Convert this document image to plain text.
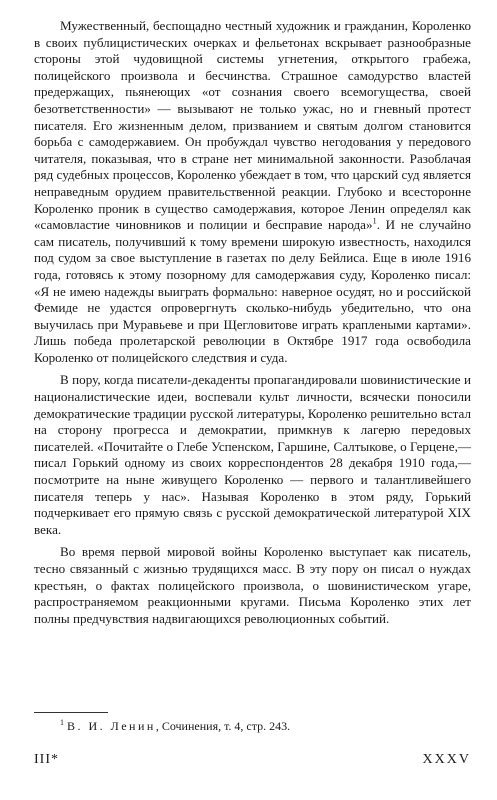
Мужественный, беспощадно честный художник и гражданин, Короленко в своих публицистических очерках и фельетонах вскрывает разнообразные стороны этой чудовищной системы угнетения, открытого грабежа, полицейского произвола и бесчинства. Страшное самодурство властей предержащих, пьянеющих «от сознания своего всемогущества, своей безответственности» — вызывают не только ужас, но и гневный протест писателя. Его жизненным делом, призванием и святым долгом становится борьба с самодержавием. Он пробуждал чувство негодования у передового читателя, показывая, что в стране нет минимальной законности. Разоблачая ряд судебных процессов, Короленко убеждает в том, что царский суд является неправедным орудием правительственной реакции. Глубоко и всесторонне Короленко проник в существо самодержавия, которое Ленин определял как «самовластие чиновников и полиции и бесправие народа»$^1$. И не случайно сам писатель, получивший к тому времени широкую известность, находился под судом за свое выступление в газетах по делу Бейлиса. Еще в июле 1916 года, готовясь к этому позорному для самодержавия суду, Короленко писал: «Я не имею надежды выиграть формально: наверное осудят, но и российской Фемиде не удастся опровергнуть сколько-нибудь убедительно, что она выучилась при Муравьеве и при Щегловитове играть краплеными картами». Лишь победа пролетарской революции в Октябре 1917 года освободила Короленко от полицейского следствия и суда.

В пору, когда писатели-декаденты пропагандировали шовинистические и националистические идеи, воспевали культ личности, всячески поносили демократические традиции русской литературы, Короленко решительно встал на сторону прогресса и демократии, примкнув к лагерю передовых писателей. «Почитайте о Глебе Успенском, Гаршине, Салтыкове, о Герцене,— писал Горький одному из своих корреспондентов 28 декабря 1910 года,— посмотрите на ныне живущего Короленко — первого и талантливейшего писателя теперь у нас». Называя Короленко в этом ряду, Горький подчеркивает его прямую связь с русской демократической литературой XIX века.

Во время первой мировой войны Короленко выступает как писатель, тесно связанный с жизнью трудящихся масс. В эту пору он писал о нуждах крестьян, о фактах полицейского произвола, о шовинистическом угаре, распространяемом реакционными кругами. Письма Короленко этих лет полны предчувствия надвигающихся революционных событий.

$^1$ В. И. Ленин, Сочинения, т. 4, стр. 243.
III*	XXXV
